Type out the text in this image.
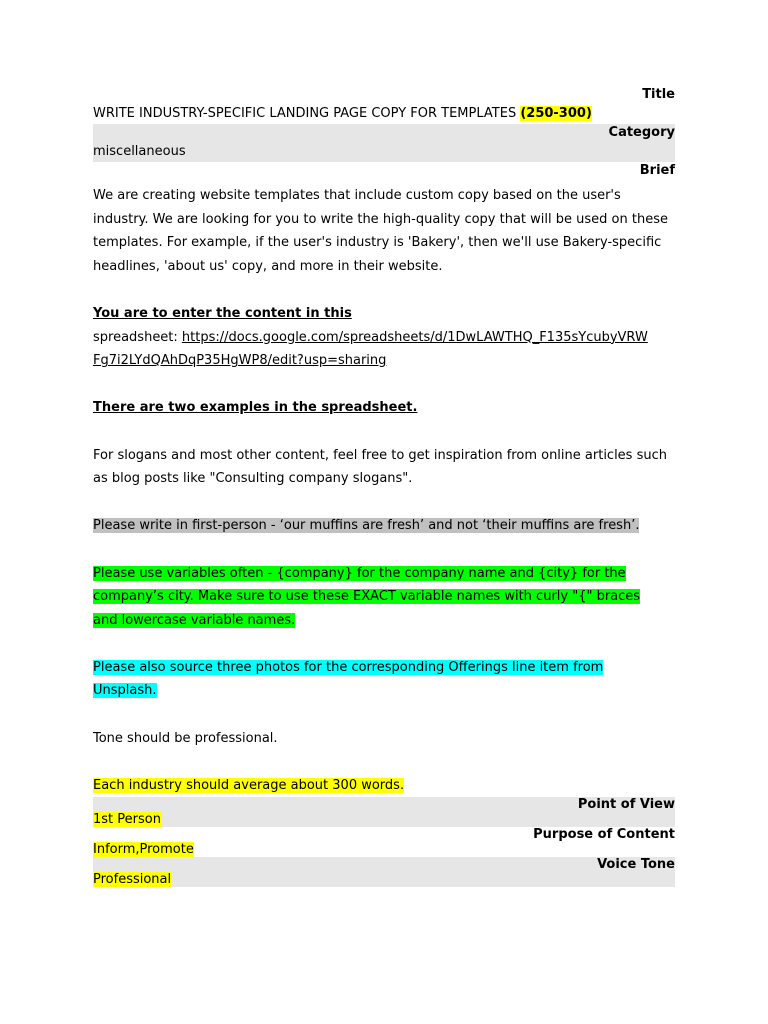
Title
WRITE INDUSTRY-SPECIFIC LANDING PAGE COPY FOR TEMPLATES (250-300)
Category
miscellaneous
Brief

We are creating website templates that include custom copy based on the user's industry. We are looking for you to write the high-quality copy that will be used on these templates. For example, if the user's industry is 'Bakery', then we'll use Bakery-specific headlines, 'about us' copy, and more in their website.

You are to enter the content in this

spreadsheet: https://docs.google.com/spreadsheets/d/1DwLAWTHQ_F135sYcubyVRW
Fg7i2LYdQAhDqP35HgWP8/edit?usp=sharing

There are two examples in the spreadsheet.

For slogans and most other content, feel free to get inspiration from online articles such as blog posts like "Consulting company slogans".

Please write in first-person - ‘our muffins are fresh’ and not ‘their muffins are fresh’.

Please use variables often - {company} for the company name and {city} for the
company’s city. Make sure to use these EXACT variable names with curly "{" braces
and lowercase variable names.

Please also source three photos for the corresponding Offerings line item from
Unsplash.

Tone should be professional.

Each industry should average about 300 words.

Point of View
1st Person
Purpose of Content
Inform,Promote
Voice Tone
Professional
